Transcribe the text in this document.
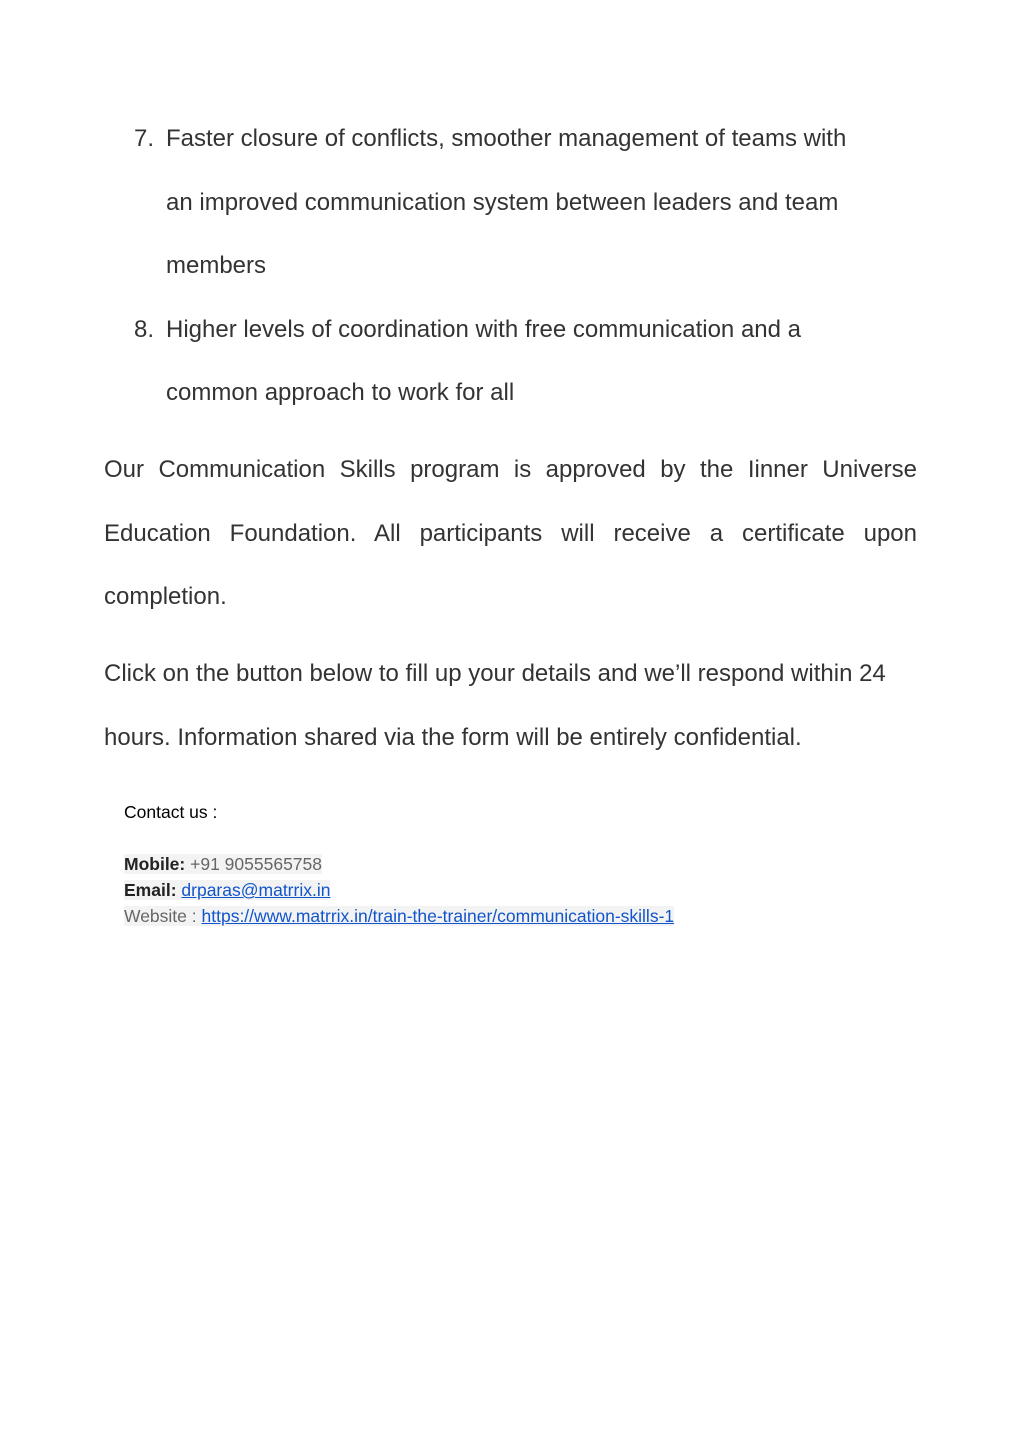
7. Faster closure of conflicts, smoother management of teams with
an improved communication system between leaders and team
members
8. Higher levels of coordination with free communication and a
common approach to work for all

Our Communication Skills program is approved by the Iinner Universe Education Foundation. All participants will receive a certificate upon completion.

Click on the button below to fill up your details and we’ll respond within 24 hours. Information shared via the form will be entirely confidential.

Contact us :
Mobile: +91 9055565758
Email: drparas@matrrix.in
Website : https://www.matrrix.in/train-the-trainer/communication-skills-1
